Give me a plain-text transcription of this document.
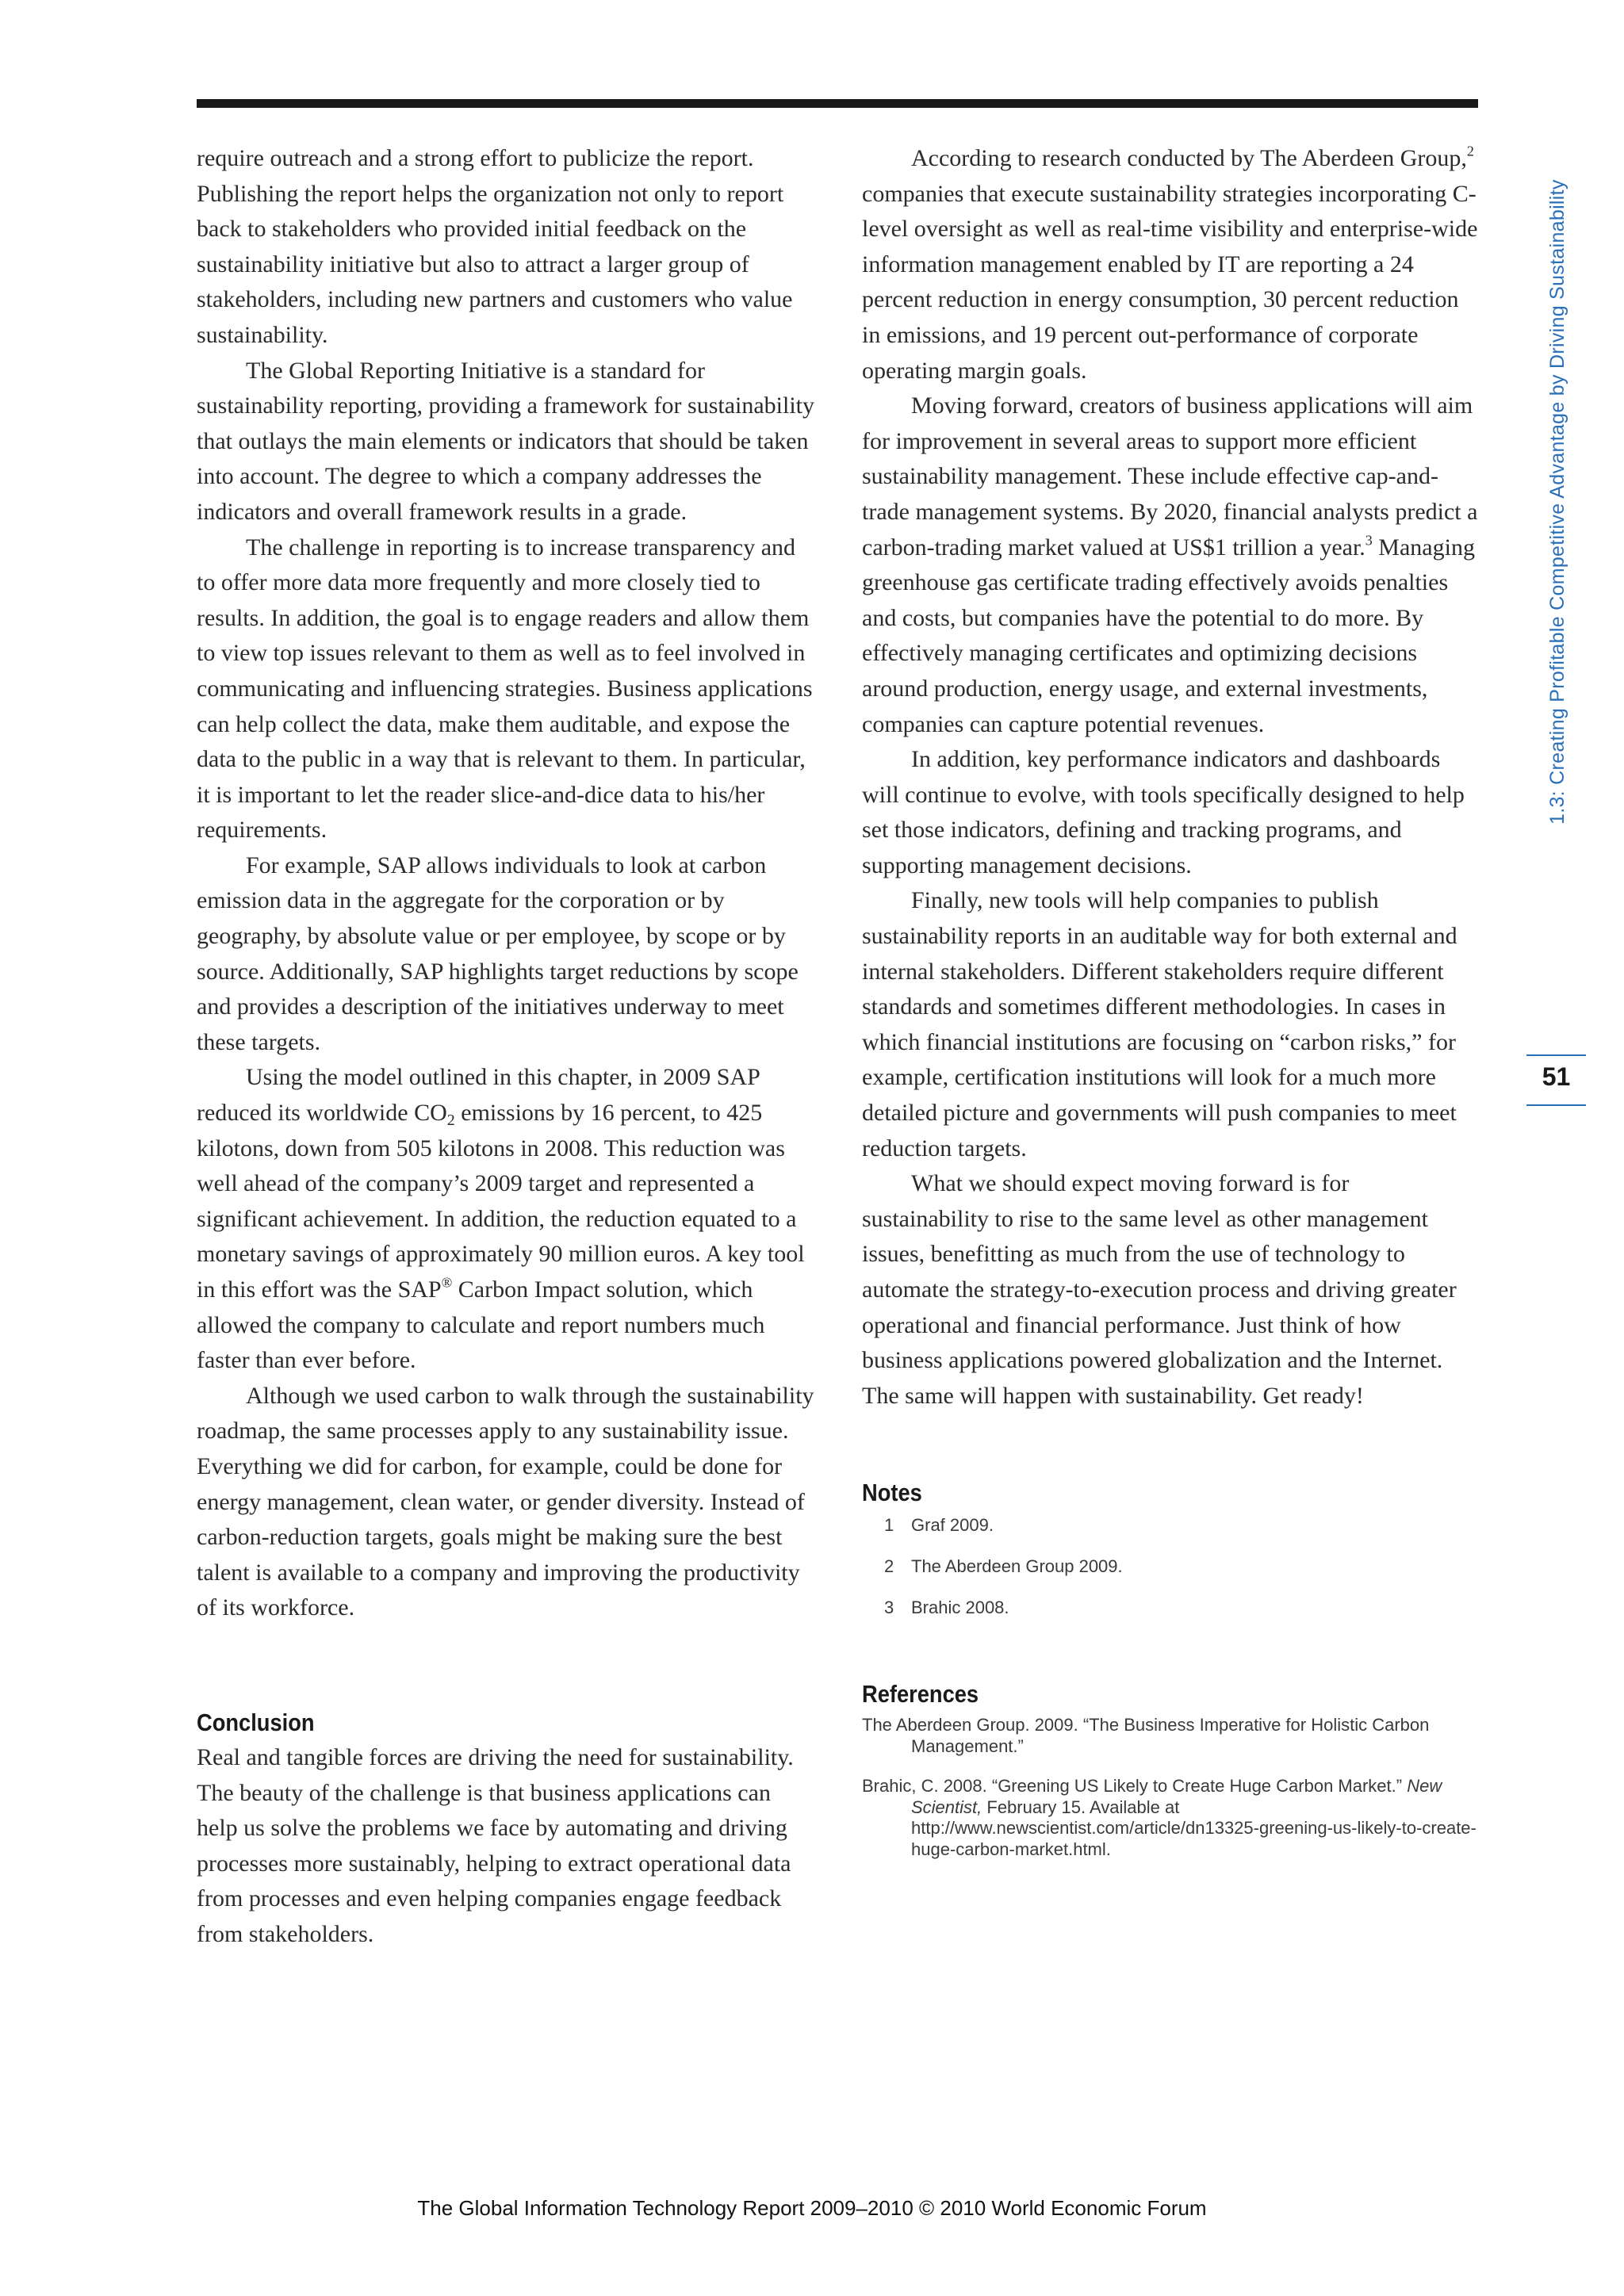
require outreach and a strong effort to publicize the report. Publishing the report helps the organization not only to report back to stakeholders who provided initial feedback on the sustainability initiative but also to attract a larger group of stakeholders, including new partners and customers who value sustainability.

The Global Reporting Initiative is a standard for sustainability reporting, providing a framework for sustainability that outlays the main elements or indicators that should be taken into account. The degree to which a company addresses the indicators and overall framework results in a grade.

The challenge in reporting is to increase transparency and to offer more data more frequently and more closely tied to results. In addition, the goal is to engage readers and allow them to view top issues relevant to them as well as to feel involved in communicating and influencing strategies. Business applications can help collect the data, make them auditable, and expose the data to the public in a way that is relevant to them. In particular, it is important to let the reader slice-and-dice data to his/her requirements.

For example, SAP allows individuals to look at carbon emission data in the aggregate for the corporation or by geography, by absolute value or per employee, by scope or by source. Additionally, SAP highlights target reductions by scope and provides a description of the initiatives underway to meet these targets.

Using the model outlined in this chapter, in 2009 SAP reduced its worldwide $CO_2$ emissions by 16 percent, to 425 kilotons, down from 505 kilotons in 2008. This reduction was well ahead of the company’s 2009 target and represented a significant achievement. In addition, the reduction equated to a monetary savings of approximately 90 million euros. A key tool in this effort was the SAP® Carbon Impact solution, which allowed the company to calculate and report numbers much faster than ever before.

Although we used carbon to walk through the sustainability roadmap, the same processes apply to any sustainability issue. Everything we did for carbon, for example, could be done for energy management, clean water, or gender diversity. Instead of carbon-reduction targets, goals might be making sure the best talent is available to a company and improving the productivity of its workforce.

Conclusion

Real and tangible forces are driving the need for sustainability. The beauty of the challenge is that business applications can help us solve the problems we face by automating and driving processes more sustainably, helping to extract operational data from processes and even helping companies engage feedback from stakeholders.

According to research conducted by The Aberdeen Group,$^2$ companies that execute sustainability strategies incorporating C-level oversight as well as real-time visibility and enterprise-wide information management enabled by IT are reporting a 24 percent reduction in energy consumption, 30 percent reduction in emissions, and 19 percent out-performance of corporate operating margin goals.

Moving forward, creators of business applications will aim for improvement in several areas to support more efficient sustainability management. These include effective cap-and-trade management systems. By 2020, financial analysts predict a carbon-trading market valued at US$1 trillion a year.$^3$ Managing greenhouse gas certificate trading effectively avoids penalties and costs, but companies have the potential to do more. By effectively managing certificates and optimizing decisions around production, energy usage, and external investments, companies can capture potential revenues.

In addition, key performance indicators and dashboards will continue to evolve, with tools specifically designed to help set those indicators, defining and tracking programs, and supporting management decisions.

Finally, new tools will help companies to publish sustainability reports in an auditable way for both external and internal stakeholders. Different stakeholders require different standards and sometimes different methodologies. In cases in which financial institutions are focusing on “carbon risks,” for example, certification institutions will look for a much more detailed picture and governments will push companies to meet reduction targets.

What we should expect moving forward is for sustainability to rise to the same level as other management issues, benefitting as much from the use of technology to automate the strategy-to-execution process and driving greater operational and financial performance. Just think of how business applications powered globalization and the Internet. The same will happen with sustainability. Get ready!

Notes
1 Graf 2009.
2 The Aberdeen Group 2009.
3 Brahic 2008.
References
The Aberdeen Group. 2009. “The Business Imperative for Holistic Carbon Management.”
Brahic, C. 2008. “Greening US Likely to Create Huge Carbon Market.” New Scientist, February 15. Available at http://www.newscientist.com/article/dn13325-greening-us-likely-to-create-huge-carbon-market.html.
1.3: Creating Profitable Competitive Advantage by Driving Sustainability
51
The Global Information Technology Report 2009–2010 © 2010 World Economic Forum
